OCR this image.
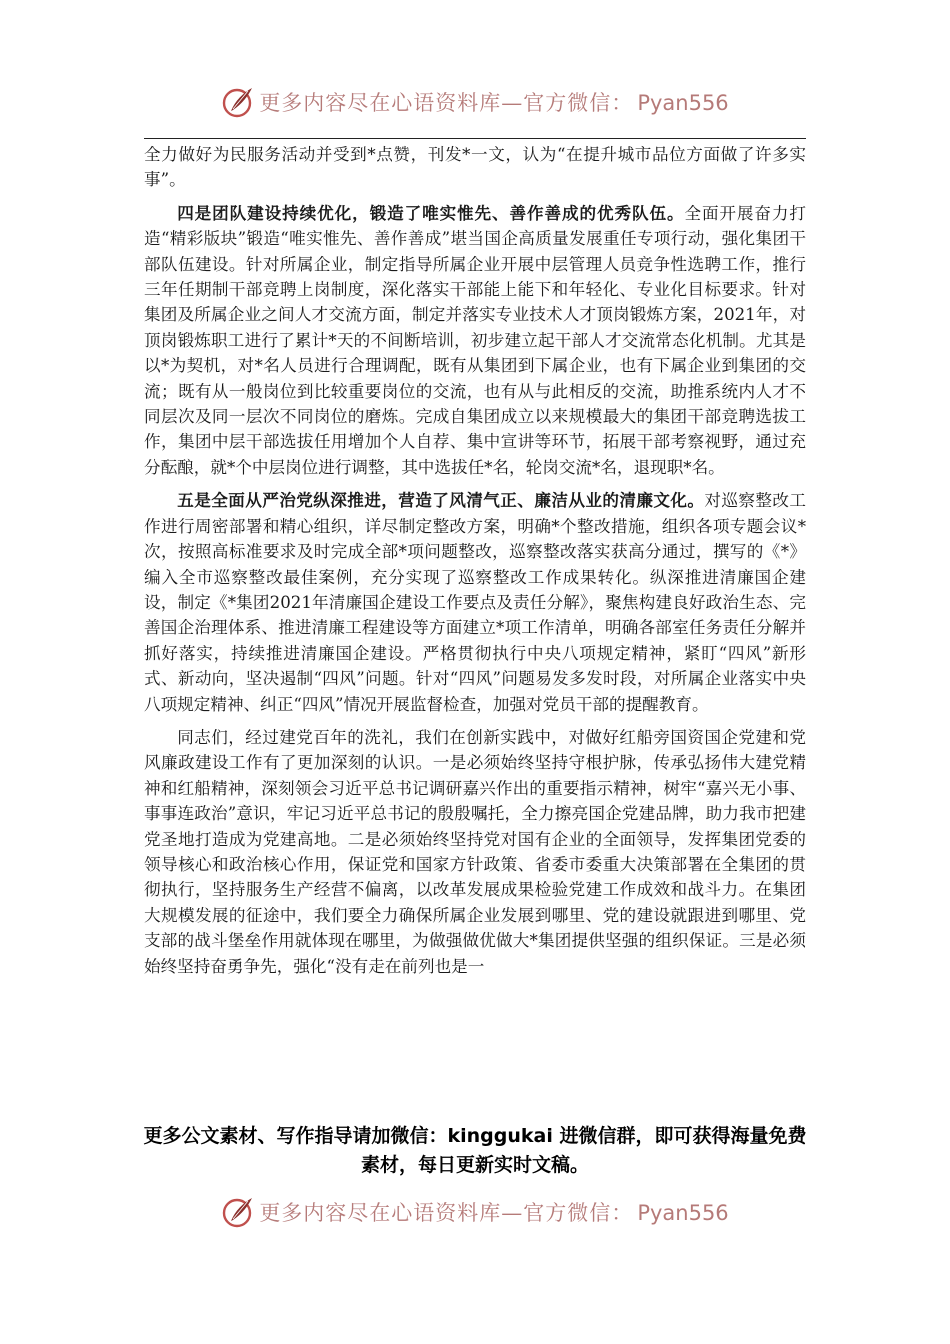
更多内容尽在心语资料库—官方微信： Pyan556

全力做好为民服务活动并受到*点赞，刊发*一文，认为“在提升城市品位方面做了许多实事”。

四是团队建设持续优化，锻造了唯实惟先、善作善成的优秀队伍。全面开展奋力打造“精彩版块”锻造“唯实惟先、善作善成”堪当国企高质量发展重任专项行动，强化集团干部队伍建设。针对所属企业，制定指导所属企业开展中层管理人员竞争性选聘工作，推行三年任期制干部竞聘上岗制度，深化落实干部能上能下和年轻化、专业化目标要求。针对集团及所属企业之间人才交流方面，制定并落实专业技术人才顶岗锻炼方案，2021年，对顶岗锻炼职工进行了累计*天的不间断培训，初步建立起干部人才交流常态化机制。尤其是以*为契机，对*名人员进行合理调配，既有从集团到下属企业，也有下属企业到集团的交流；既有从一般岗位到比较重要岗位的交流，也有从与此相反的交流，助推系统内人才不同层次及同一层次不同岗位的磨炼。完成自集团成立以来规模最大的集团干部竞聘选拔工作，集团中层干部选拔任用增加个人自荐、集中宣讲等环节，拓展干部考察视野，通过充分酝酿，就*个中层岗位进行调整，其中选拔任*名，轮岗交流*名，退现职*名。

五是全面从严治党纵深推进，营造了风清气正、廉洁从业的清廉文化。对巡察整改工作进行周密部署和精心组织，详尽制定整改方案，明确*个整改措施，组织各项专题会议*次，按照高标准要求及时完成全部*项问题整改，巡察整改落实获高分通过，撰写的《*》编入全市巡察整改最佳案例，充分实现了巡察整改工作成果转化。纵深推进清廉国企建设，制定《*集团2021年清廉国企建设工作要点及责任分解》，聚焦构建良好政治生态、完善国企治理体系、推进清廉工程建设等方面建立*项工作清单，明确各部室任务责任分解并抓好落实，持续推进清廉国企建设。严格贯彻执行中央八项规定精神，紧盯“四风”新形式、新动向，坚决遏制“四风”问题。针对“四风”问题易发多发时段，对所属企业落实中央八项规定精神、纠正“四风”情况开展监督检查，加强对党员干部的提醒教育。

同志们，经过建党百年的洗礼，我们在创新实践中，对做好红船旁国资国企党建和党风廉政建设工作有了更加深刻的认识。一是必须始终坚持守根护脉，传承弘扬伟大建党精神和红船精神，深刻领会习近平总书记调研嘉兴作出的重要指示精神，树牢“嘉兴无小事、事事连政治”意识，牢记习近平总书记的殷殷嘱托，全力擦亮国企党建品牌，助力我市把建党圣地打造成为党建高地。二是必须始终坚持党对国有企业的全面领导，发挥集团党委的领导核心和政治核心作用，保证党和国家方针政策、省委市委重大决策部署在全集团的贯彻执行，坚持服务生产经营不偏离，以改革发展成果检验党建工作成效和战斗力。在集团大规模发展的征途中，我们要全力确保所属企业发展到哪里、党的建设就跟进到哪里、党支部的战斗堡垒作用就体现在哪里，为做强做优做大*集团提供坚强的组织保证。三是必须始终坚持奋勇争先，强化“没有走在前列也是一

更多公文素材、写作指导请加微信：kinggukai 进微信群，即可获得海量免费素材，每日更新实时文稿。
更多内容尽在心语资料库—官方微信： Pyan556
